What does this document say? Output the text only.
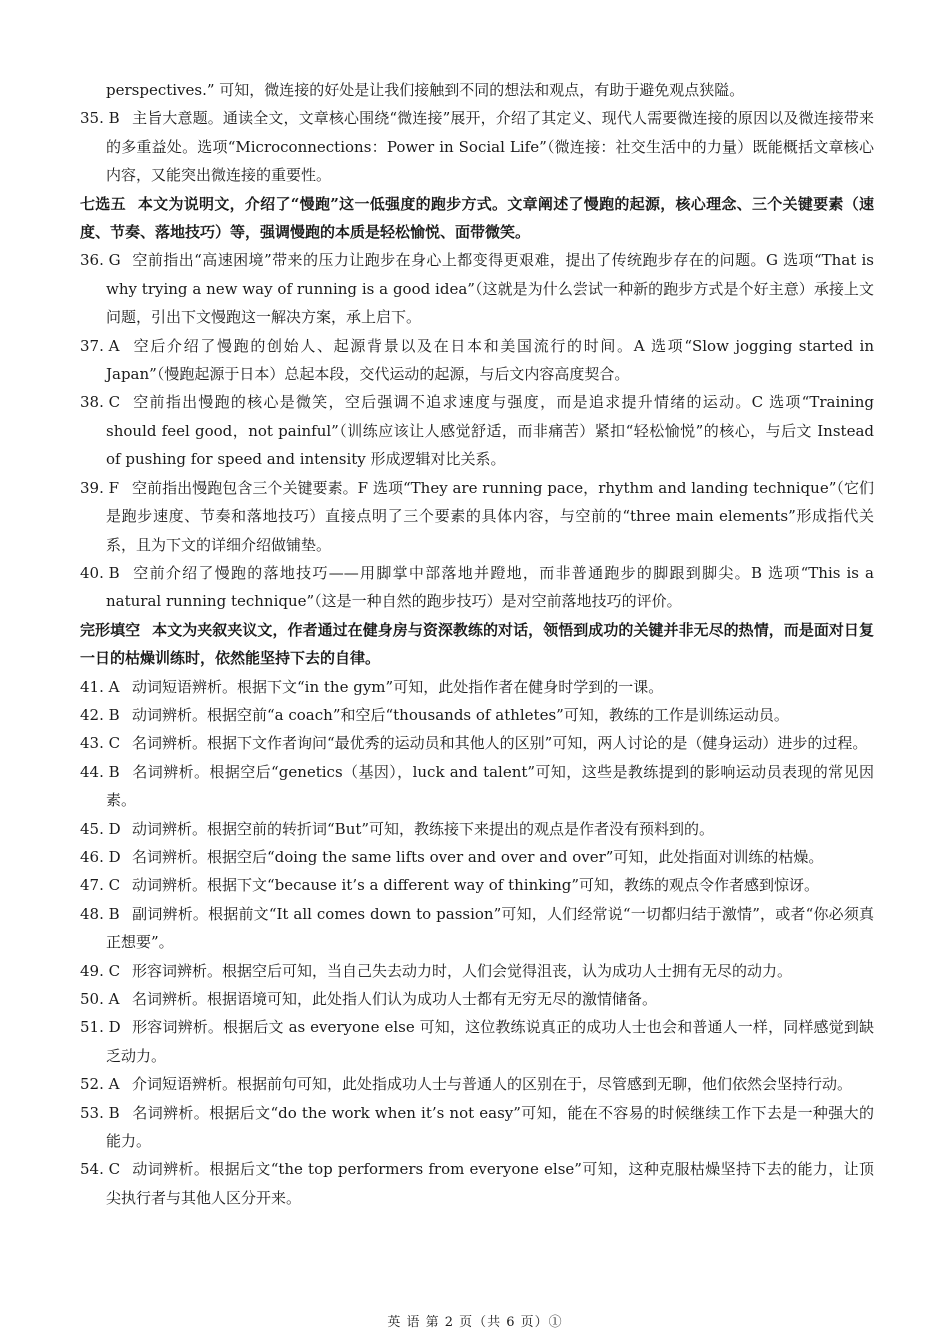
perspectives.” 可知，微连接的好处是让我们接触到不同的想法和观点，有助于避免观点狭隘。

35. B 主旨大意题。通读全文，文章核心围绕“微连接”展开，介绍了其定义、现代人需要微连接的原因以及微连接带来的多重益处。选项“Microconnections：Power in Social Life”（微连接：社交生活中的力量）既能概括文章核心内容，又能突出微连接的重要性。

七选五 本文为说明文，介绍了“慢跑”这一低强度的跑步方式。文章阐述了慢跑的起源，核心理念、三个关键要素（速度、节奏、落地技巧）等，强调慢跑的本质是轻松愉悦、面带微笑。

36. G 空前指出“高速困境”带来的压力让跑步在身心上都变得更艰难，提出了传统跑步存在的问题。G 选项“That is why trying a new way of running is a good idea”（这就是为什么尝试一种新的跑步方式是个好主意）承接上文问题，引出下文慢跑这一解决方案，承上启下。

37. A 空后介绍了慢跑的创始人、起源背景以及在日本和美国流行的时间。A 选项“Slow jogging started in Japan”（慢跑起源于日本）总起本段，交代运动的起源，与后文内容高度契合。

38. C 空前指出慢跑的核心是微笑，空后强调不追求速度与强度，而是追求提升情绪的运动。C 选项“Training should feel good，not painful”（训练应该让人感觉舒适，而非痛苦）紧扣“轻松愉悦”的核心，与后文 Instead of pushing for speed and intensity 形成逻辑对比关系。

39. F 空前指出慢跑包含三个关键要素。F 选项“They are running pace，rhythm and landing technique”（它们是跑步速度、节奏和落地技巧）直接点明了三个要素的具体内容，与空前的“three main elements”形成指代关系，且为下文的详细介绍做铺垫。

40. B 空前介绍了慢跑的落地技巧——用脚掌中部落地并蹬地，而非普通跑步的脚跟到脚尖。B 选项“This is a natural running technique”（这是一种自然的跑步技巧）是对空前落地技巧的评价。

完形填空 本文为夹叙夹议文，作者通过在健身房与资深教练的对话，领悟到成功的关键并非无尽的热情，而是面对日复一日的枯燥训练时，依然能坚持下去的自律。

41. A 动词短语辨析。根据下文“in the gym”可知，此处指作者在健身时学到的一课。

42. B 动词辨析。根据空前“a coach”和空后“thousands of athletes”可知，教练的工作是训练运动员。

43. C 名词辨析。根据下文作者询问“最优秀的运动员和其他人的区别”可知，两人讨论的是（健身运动）进步的过程。

44. B 名词辨析。根据空后“genetics（基因），luck and talent”可知，这些是教练提到的影响运动员表现的常见因素。

45. D 动词辨析。根据空前的转折词“But”可知，教练接下来提出的观点是作者没有预料到的。

46. D 名词辨析。根据空后“doing the same lifts over and over and over”可知，此处指面对训练的枯燥。

47. C 动词辨析。根据下文“because it’s a different way of thinking”可知，教练的观点令作者感到惊讶。

48. B 副词辨析。根据前文“It all comes down to passion”可知，人们经常说“一切都归结于激情”，或者“你必须真正想要”。

49. C 形容词辨析。根据空后可知，当自己失去动力时，人们会觉得沮丧，认为成功人士拥有无尽的动力。

50. A 名词辨析。根据语境可知，此处指人们认为成功人士都有无穷无尽的激情储备。

51. D 形容词辨析。根据后文 as everyone else 可知，这位教练说真正的成功人士也会和普通人一样，同样感觉到缺乏动力。

52. A 介词短语辨析。根据前句可知，此处指成功人士与普通人的区别在于，尽管感到无聊，他们依然会坚持行动。

53. B 名词辨析。根据后文“do the work when it’s not easy”可知，能在不容易的时候继续工作下去是一种强大的能力。

54. C 动词辨析。根据后文“the top performers from everyone else”可知，这种克服枯燥坚持下去的能力，让顶尖执行者与其他人区分开来。

英 语 第 2 页（共 6 页）①
